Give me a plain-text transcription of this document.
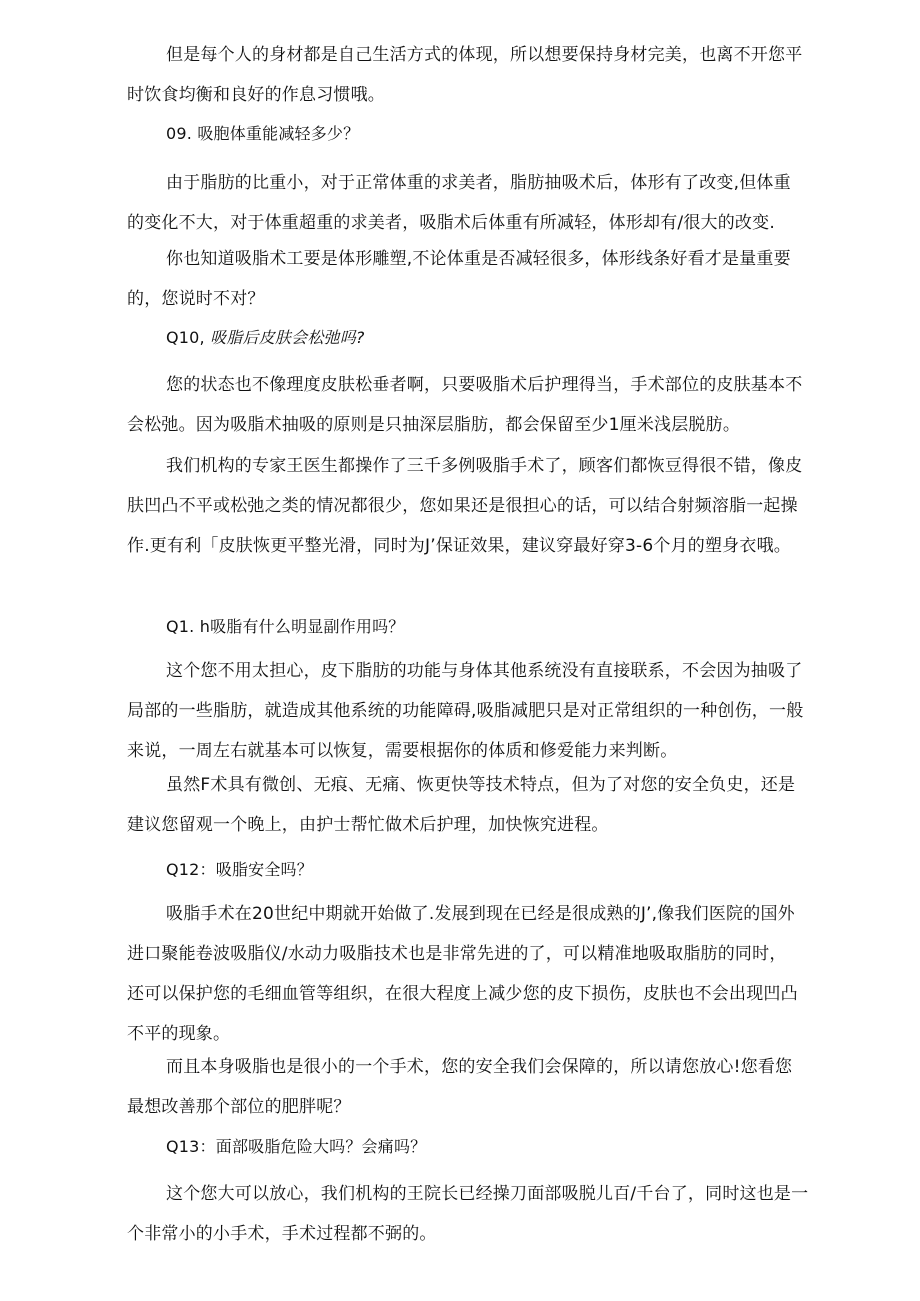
但是每个人的身材都是自己生活方式的体现，所以想要保持身材完美，也离不开您平
时饮食均衡和良好的作息习惯哦。
09. 吸胞体重能减轻多少？
由于脂肪的比重小，对于正常体重的求美者，脂肪抽吸术后，体形有了改变,但体重
的变化不大，对于体重超重的求美者，吸脂术后体重有所减轻，体形却有/很大的改变.
你也知道吸脂术工要是体形雕塑,不论体重是否减轻很多，体形线条好看才是量重要
的，您说时不对？
Q10, 吸脂后皮肤会松弛吗?
您的状态也不像理度皮肤松垂者啊，只要吸脂术后护理得当，手术部位的皮肤基本不
会松弛。因为吸脂术抽吸的原则是只抽深层脂肪，都会保留至少1厘米浅层脱肪。
我们机构的专家王医生都操作了三千多例吸脂手术了，顾客们都恢豆得很不错，像皮
肤凹凸不平或松弛之类的情况都很少，您如果还是很担心的话，可以结合射频溶脂一起操
作.更有利「皮肤恢更平整光滑，同时为J’保证效果，建议穿最好穿3-6个月的塑身衣哦。
Q1. h吸脂有什么明显副作用吗？
这个您不用太担心，皮下脂肪的功能与身体其他系统没有直接联系，不会因为抽吸了
局部的一些脂肪，就造成其他系统的功能障碍,吸脂减肥只是对正常组织的一种创伤，一般
来说，一周左右就基本可以恢复，需要根据你的体质和修爱能力来判断。
虽然F术具有微创、无痕、无痛、恢更快等技术特点，但为了对您的安全负史，还是
建议您留观一个晚上，由护士帮忙做术后护理，加快恢究进程。
Q12：吸脂安全吗？
吸脂手术在20世纪中期就开始做了.发展到现在已经是很成熟的J’,像我们医院的国外
进口聚能卷波吸脂仪/水动力吸脂技术也是非常先进的了，可以精准地吸取脂肪的同时，
还可以保护您的毛细血管等组织，在很大程度上减少您的皮下损伤，皮肤也不会出现凹凸
不平的现象。
而且本身吸脂也是很小的一个手术，您的安全我们会保障的，所以请您放心!您看您
最想改善那个部位的肥胖呢？
Q13：面部吸脂危险大吗？会痛吗？
这个您大可以放心，我们机构的王院长已经操刀面部吸脱儿百/千台了，同时这也是一
个非常小的小手术，手术过程都不弼的。
